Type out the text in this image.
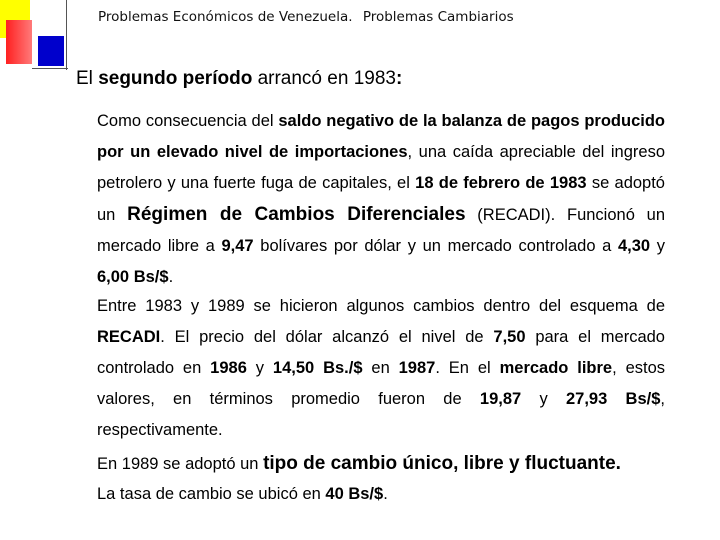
Problemas Económicos de Venezuela. Problemas Cambiarios
El segundo período arrancó en 1983:
Como consecuencia del saldo negativo de la balanza de pagos producido por un elevado nivel de importaciones, una caída apreciable del ingreso petrolero y una fuerte fuga de capitales, el 18 de febrero de 1983 se adoptó un Régimen de Cambios Diferenciales (RECADI). Funcionó un mercado libre a 9,47 bolívares por dólar y un mercado controlado a 4,30 y 6,00 Bs/$.
Entre 1983 y 1989 se hicieron algunos cambios dentro del esquema de RECADI. El precio del dólar alcanzó el nivel de 7,50 para el mercado controlado en 1986 y 14,50 Bs./$ en 1987. En el mercado libre, estos valores, en términos promedio fueron de 19,87 y 27,93 Bs/$, respectivamente.
En 1989 se adoptó un tipo de cambio único, libre y fluctuante.
La tasa de cambio se ubicó en 40 Bs/$.
